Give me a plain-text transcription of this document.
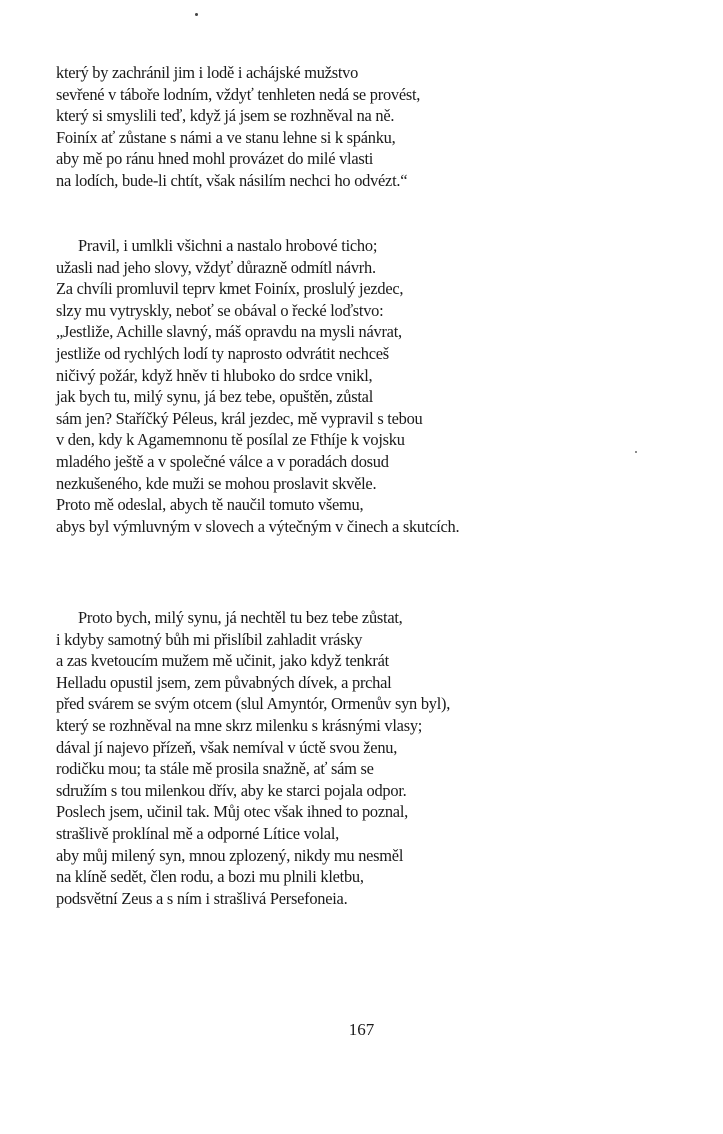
který by zachránil jim i lodě i achájské mužstvo
sevřené v táboře lodním, vždyť tenhleten nedá se provést,
který si smyslili teď, když já jsem se rozhněval na ně.
Foiníx ať zůstane s námi a ve stanu lehne si k spánku,
aby mě po ránu hned mohl provázet do milé vlasti
na lodích, bude-li chtít, však násilím nechci ho odvézt.“
Pravil, i umlkli všichni a nastalo hrobové ticho;
užasli nad jeho slovy, vždyť důrazně odmítl návrh.
Za chvíli promluvil teprv kmet Foiníx, proslulý jezdec,
slzy mu vytryskly, neboť se obával o řecké loďstvo:
„Jestliže, Achille slavný, máš opravdu na mysli návrat,
jestliže od rychlých lodí ty naprosto odvrátit nechceš
ničivý požár, když hněv ti hluboko do srdce vnikl,
jak bych tu, milý synu, já bez tebe, opuštěn, zůstal
sám jen? Staříčký Péleus, král jezdec, mě vypravil s tebou
v den, kdy k Agamemnonu tě posílal ze Fthíje k vojsku
mladého ještě a v společné válce a v poradách dosud
nezkušeného, kde muži se mohou proslavit skvěle.
Proto mě odeslal, abych tě naučil tomuto všemu,
abys byl výmluvným v slovech a výtečným v činech a skutcích.
Proto bych, milý synu, já nechtěl tu bez tebe zůstat,
i kdyby samotný bůh mi přislíbil zahladit vrásky
a zas kvetoucím mužem mě učinit, jako když tenkrát
Helladu opustil jsem, zem půvabných dívek, a prchal
před svárem se svým otcem (slul Amyntór, Ormenův syn byl),
který se rozhněval na mne skrz milenku s krásnými vlasy;
dával jí najevo přízeň, však nemíval v úctě svou ženu,
rodičku mou; ta stále mě prosila snažně, ať sám se
sdružím s tou milenkou dřív, aby ke starci pojala odpor.
Poslech jsem, učinil tak. Můj otec však ihned to poznal,
strašlivě proklínal mě a odporné Lítice volal,
aby můj milený syn, mnou zplozený, nikdy mu nesměl
na klíně sedět, člen rodu, a bozi mu plnili kletbu,
podsvětní Zeus a s ním i strašlivá Persefoneia.
167
